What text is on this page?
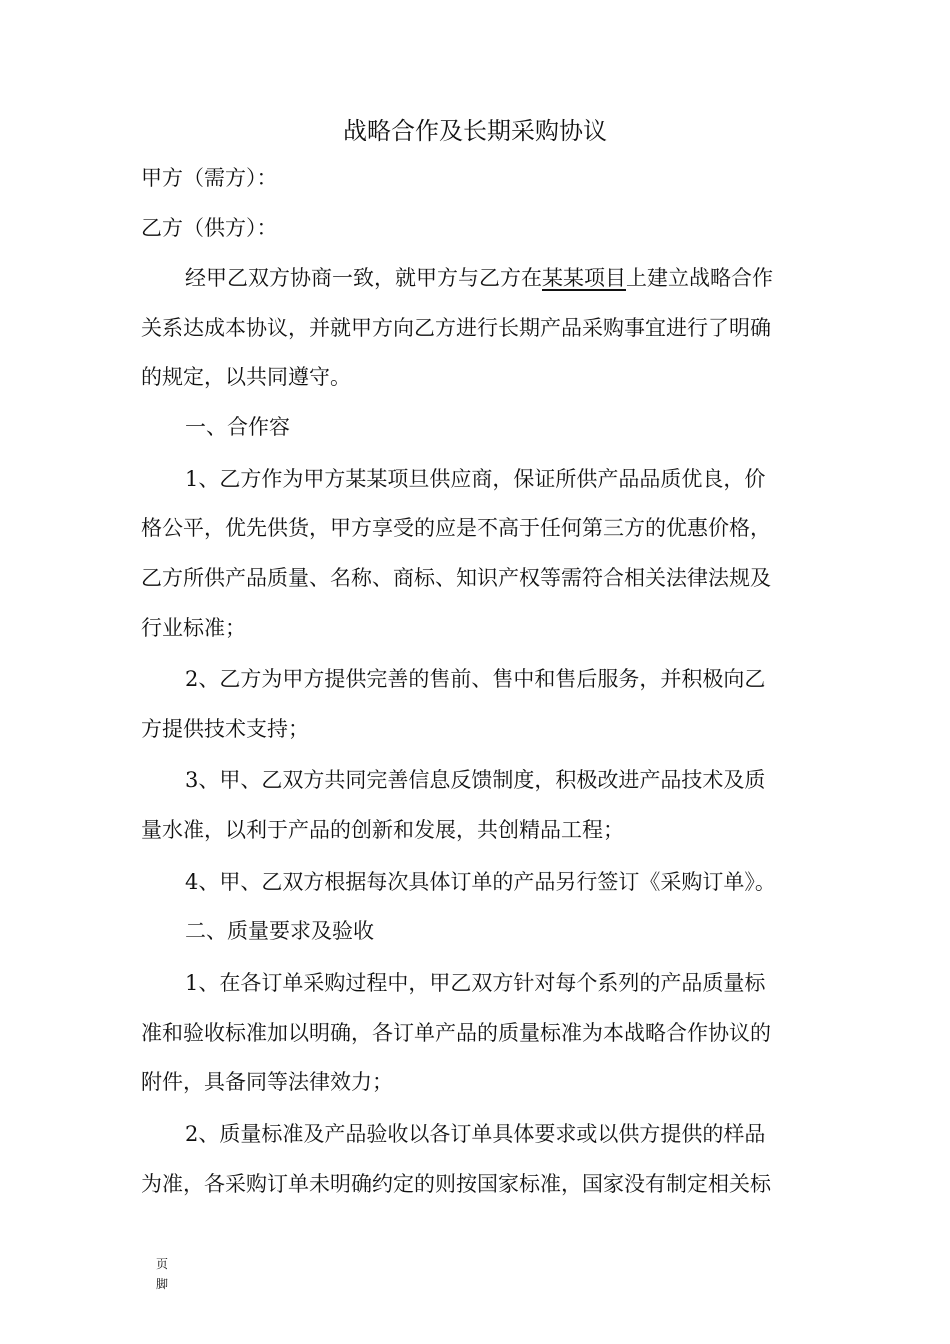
战略合作及长期采购协议
甲方（需方）：
乙方（供方）：
经甲乙双方协商一致，就甲方与乙方在某某项目上建立战略合作
关系达成本协议，并就甲方向乙方进行长期产品采购事宜进行了明确
的规定，以共同遵守。
一、合作容
1、乙方作为甲方某某项旦供应商，保证所供产品品质优良，价
格公平，优先供货，甲方享受的应是不高于任何第三方的优惠价格，
乙方所供产品质量、名称、商标、知识产权等需符合相关法律法规及
行业标准；
2、乙方为甲方提供完善的售前、售中和售后服务，并积极向乙
方提供技术支持；
3、甲、乙双方共同完善信息反馈制度，积极改进产品技术及质
量水准，以利于产品的创新和发展，共创精品工程；
4、甲、乙双方根据每次具体订单的产品另行签订《采购订单》。
二、质量要求及验收
1、在各订单采购过程中，甲乙双方针对每个系列的产品质量标
准和验收标准加以明确，各订单产品的质量标准为本战略合作协议的
附件，具备同等法律效力；
2、质量标准及产品验收以各订单具体要求或以供方提供的样品
为准，各采购订单未明确约定的则按国家标准，国家没有制定相关标
页
脚
